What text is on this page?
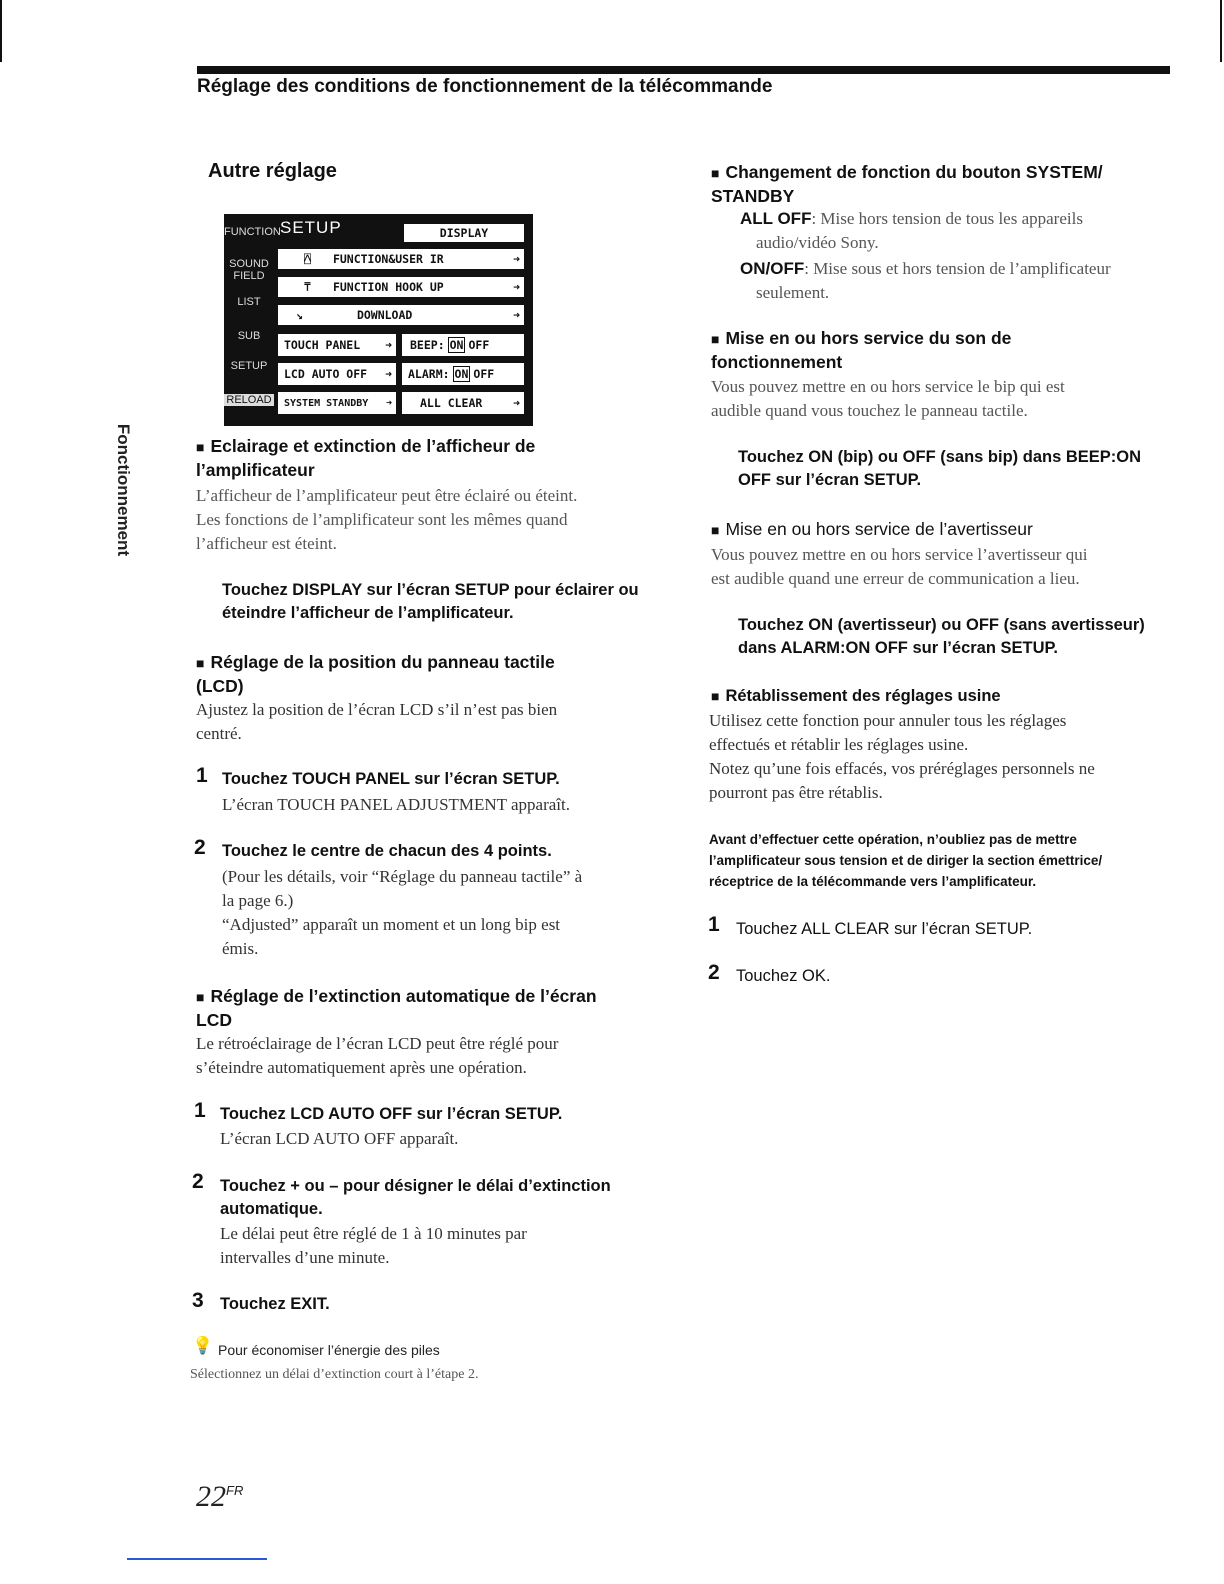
Réglage des conditions de fonctionnement de la télécommande
Fonctionnement
Autre réglage
FUNCTION
SOUND FIELD
LIST
SUB
SETUP
RELOAD
SETUP	DISPLAY
⍓ FUNCTION&USER IR	➜
⍑ FUNCTION HOOK UP	➜
↘	DOWNLOAD	➜
TOUCH PANEL ➜ BEEP: ON OFF
LCD AUTO OFF ➜ ALARM: ON OFF
SYSTEM STANDBY ➜ ALL CLEAR	➜
■ Eclairage et extinction de l’afficheur de
l’amplificateur
L’afficheur de l’amplificateur peut être éclairé ou éteint.
Les fonctions de l’amplificateur sont les mêmes quand
l’afficheur est éteint.
Touchez DISPLAY sur l’écran SETUP pour éclairer ou
éteindre l’afficheur de l’amplificateur.
■ Réglage de la position du panneau tactile
(LCD)
Ajustez la position de l’écran LCD s’il n’est pas bien
centré.
1 Touchez TOUCH PANEL sur l’écran SETUP.
L’écran TOUCH PANEL ADJUSTMENT apparaît.
2 Touchez le centre de chacun des 4 points.
(Pour les détails, voir “Réglage du panneau tactile” à
la page 6.)
“Adjusted” apparaît un moment et un long bip est
émis.
■ Réglage de l’extinction automatique de l’écran
LCD
Le rétroéclairage de l’écran LCD peut être réglé pour
s’éteindre automatiquement après une opération.
1 Touchez LCD AUTO OFF sur l’écran SETUP.
L’écran LCD AUTO OFF apparaît.
2 Touchez + ou – pour désigner le délai d’extinction
automatique.
Le délai peut être réglé de 1 à 10 minutes par
intervalles d’une minute.
3 Touchez EXIT.
💡 Pour économiser l’énergie des piles
Sélectionnez un délai d’extinction court à l’étape 2.
$22^{FR}$
■ Changement de fonction du bouton SYSTEM/
STANDBY
ALL OFF: Mise hors tension de tous les appareils
audio/vidéo Sony.
ON/OFF: Mise sous et hors tension de l’amplificateur
seulement.
■ Mise en ou hors service du son de
fonctionnement
Vous pouvez mettre en ou hors service le bip qui est
audible quand vous touchez le panneau tactile.
Touchez ON (bip) ou OFF (sans bip) dans BEEP:ON
OFF sur l’écran SETUP.
■ Mise en ou hors service de l’avertisseur
Vous pouvez mettre en ou hors service l’avertisseur qui
est audible quand une erreur de communication a lieu.
Touchez ON (avertisseur) ou OFF (sans avertisseur)
dans ALARM:ON OFF sur l’écran SETUP.
■ Rétablissement des réglages usine
Utilisez cette fonction pour annuler tous les réglages
effectués et rétablir les réglages usine.
Notez qu’une fois effacés, vos préréglages personnels ne
pourront pas être rétablis.
Avant d’effectuer cette opération, n’oubliez pas de mettre
l’amplificateur sous tension et de diriger la section émettrice/
réceptrice de la télécommande vers l’amplificateur.
1 Touchez ALL CLEAR sur l’écran SETUP.
2 Touchez OK.
